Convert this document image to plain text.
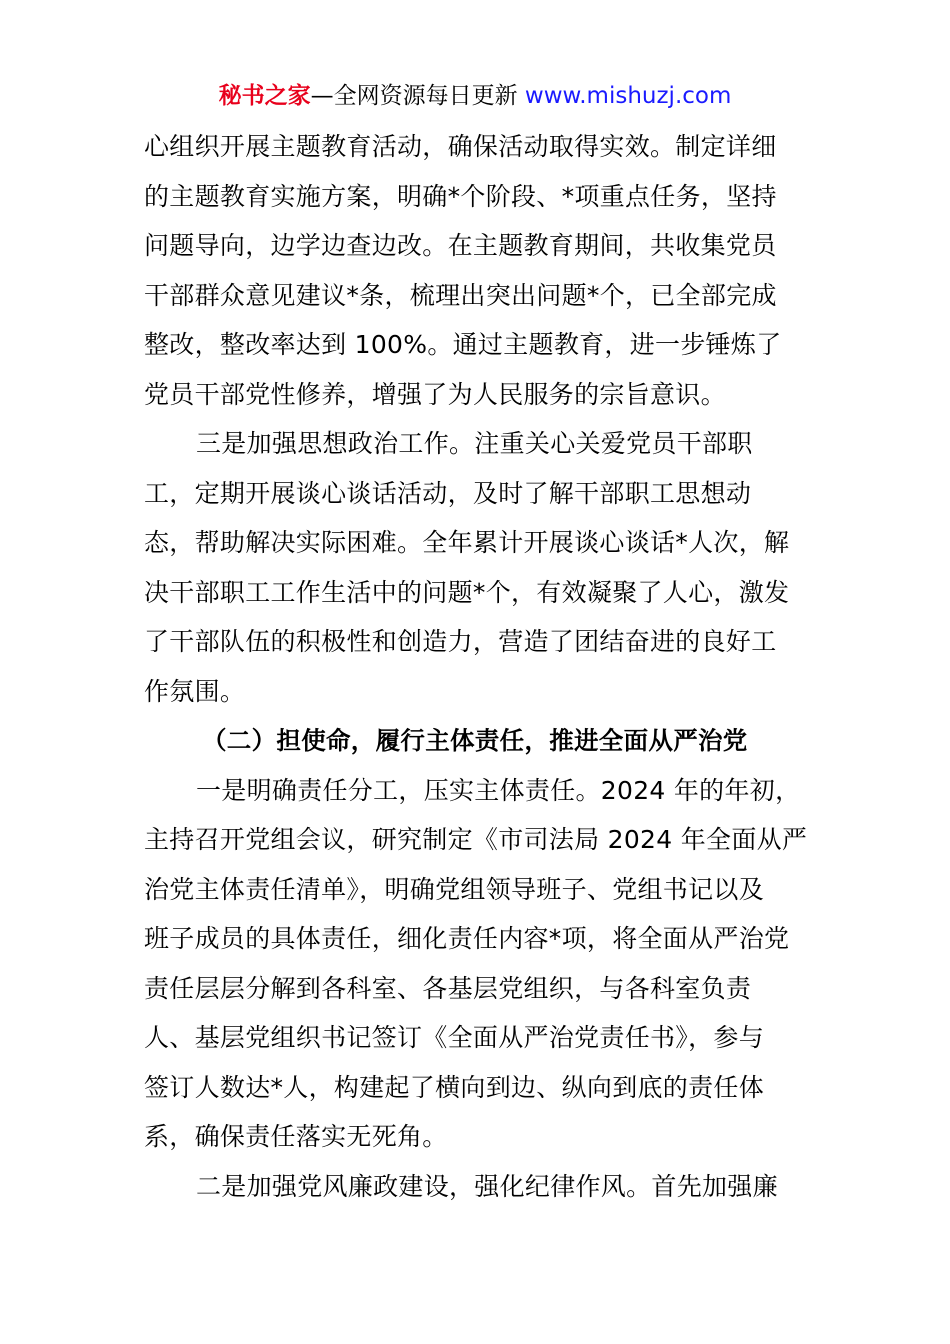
秘书之家—全网资源每日更新 www.mishuzj.com
心组织开展主题教育活动，确保活动取得实效。制定详细
的主题教育实施方案，明确*个阶段、*项重点任务，坚持
问题导向，边学边查边改。在主题教育期间，共收集党员
干部群众意见建议*条，梳理出突出问题*个，已全部完成
整改，整改率达到 100%。通过主题教育，进一步锤炼了
党员干部党性修养，增强了为人民服务的宗旨意识。
三是加强思想政治工作。注重关心关爱党员干部职
工，定期开展谈心谈话活动，及时了解干部职工思想动
态，帮助解决实际困难。全年累计开展谈心谈话*人次，解
决干部职工工作生活中的问题*个，有效凝聚了人心，激发
了干部队伍的积极性和创造力，营造了团结奋进的良好工
作氛围。
（二）担使命，履行主体责任，推进全面从严治党
一是明确责任分工，压实主体责任。2024 年的年初，
主持召开党组会议，研究制定《市司法局 2024 年全面从严
治党主体责任清单》，明确党组领导班子、党组书记以及
班子成员的具体责任，细化责任内容*项，将全面从严治党
责任层层分解到各科室、各基层党组织，与各科室负责
人、基层党组织书记签订《全面从严治党责任书》，参与
签订人数达*人，构建起了横向到边、纵向到底的责任体
系，确保责任落实无死角。
二是加强党风廉政建设，强化纪律作风。首先加强廉
